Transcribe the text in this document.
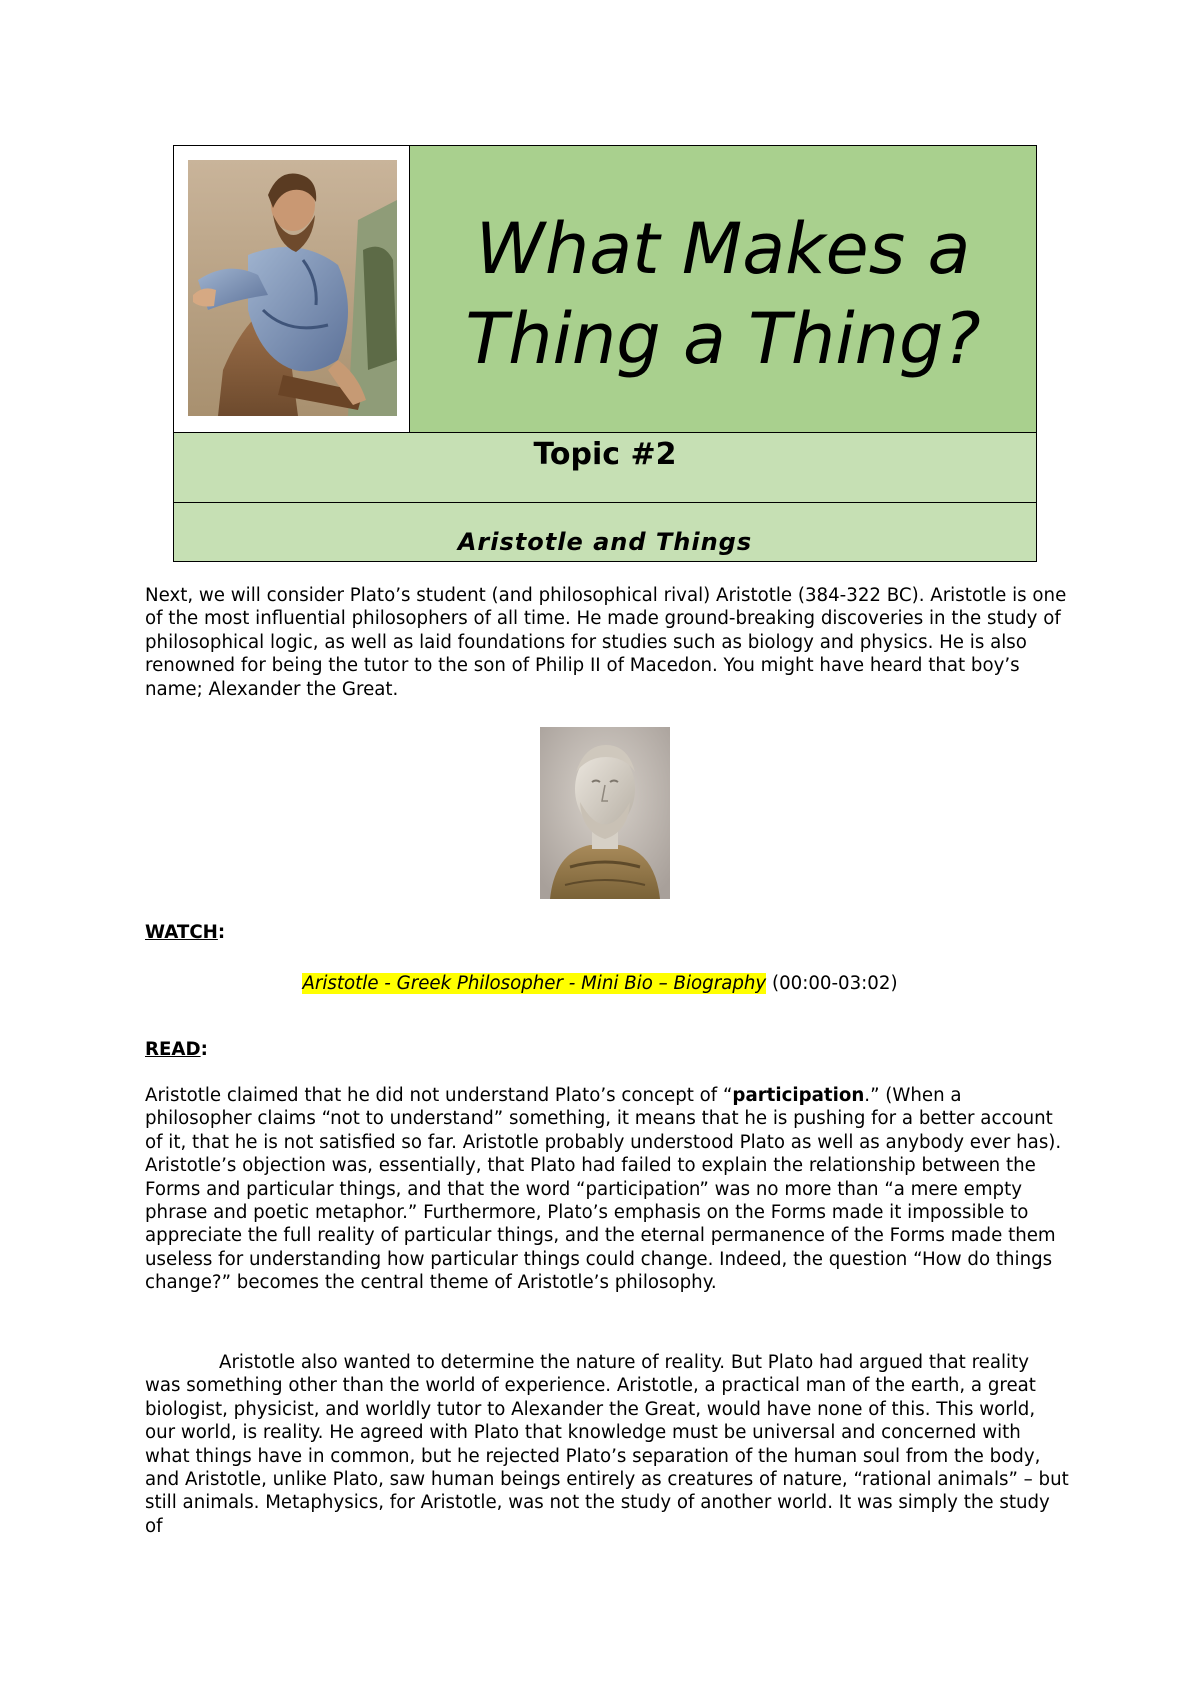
What Makes a Thing a Thing?
Topic #2
Aristotle and Things
Next, we will consider Plato’s student (and philosophical rival) Aristotle (384-322 BC). Aristotle is one of the most influential philosophers of all time. He made ground-breaking discoveries in the study of philosophical logic, as well as laid foundations for studies such as biology and physics. He is also renowned for being the tutor to the son of Philip II of Macedon. You might have heard that boy’s name; Alexander the Great.
WATCH:
Aristotle - Greek Philosopher - Mini Bio – Biography (00:00-03:02)
READ:
Aristotle claimed that he did not understand Plato’s concept of “participation.” (When a philosopher claims “not to understand” something, it means that he is pushing for a better account of it, that he is not satisfied so far. Aristotle probably understood Plato as well as anybody ever has). Aristotle’s objection was, essentially, that Plato had failed to explain the relationship between the Forms and particular things, and that the word “participation” was no more than “a mere empty phrase and poetic metaphor.” Furthermore, Plato’s emphasis on the Forms made it impossible to appreciate the full reality of particular things, and the eternal permanence of the Forms made them useless for understanding how particular things could change. Indeed, the question “How do things change?” becomes the central theme of Aristotle’s philosophy.
Aristotle also wanted to determine the nature of reality. But Plato had argued that reality was something other than the world of experience. Aristotle, a practical man of the earth, a great biologist, physicist, and worldly tutor to Alexander the Great, would have none of this. This world, our world, is reality. He agreed with Plato that knowledge must be universal and concerned with what things have in common, but he rejected Plato’s separation of the human soul from the body, and Aristotle, unlike Plato, saw human beings entirely as creatures of nature, “rational animals” – but still animals. Metaphysics, for Aristotle, was not the study of another world. It was simply the study of
